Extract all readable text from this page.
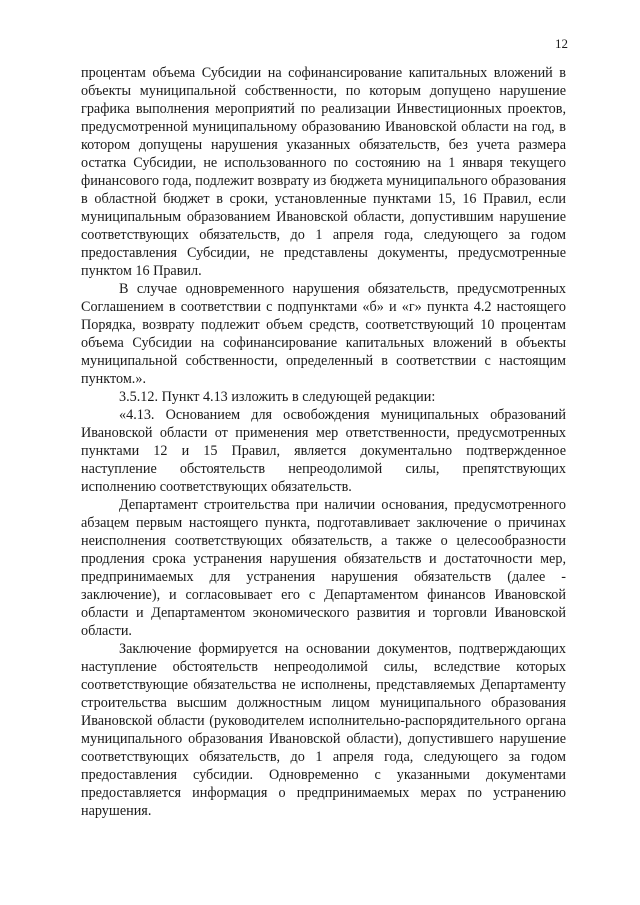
12

процентам объема Субсидии на софинансирование капитальных вложений в объекты муниципальной собственности, по которым допущено нарушение графика выполнения мероприятий по реализации Инвестиционных проектов, предусмотренной муниципальному образованию Ивановской области на год, в котором допущены нарушения указанных обязательств, без учета размера остатка Субсидии, не использованного по состоянию на 1 января текущего финансового года, подлежит возврату из бюджета муниципального образования в областной бюджет в сроки, установленные пунктами 15, 16 Правил, если муниципальным образованием Ивановской области, допустившим нарушение соответствующих обязательств, до 1 апреля года, следующего за годом предоставления Субсидии, не представлены документы, предусмотренные пунктом 16 Правил.

В случае одновременного нарушения обязательств, предусмотренных Соглашением в соответствии с подпунктами «б» и «г» пункта 4.2 настоящего Порядка, возврату подлежит объем средств, соответствующий 10 процентам объема Субсидии на софинансирование капитальных вложений в объекты муниципальной собственности, определенный в соответствии с настоящим пунктом.».

3.5.12. Пункт 4.13 изложить в следующей редакции:

«4.13. Основанием для освобождения муниципальных образований Ивановской области от применения мер ответственности, предусмотренных пунктами 12 и 15 Правил, является документально подтвержденное наступление обстоятельств непреодолимой силы, препятствующих исполнению соответствующих обязательств.

Департамент строительства при наличии основания, предусмотренного абзацем первым настоящего пункта, подготавливает заключение о причинах неисполнения соответствующих обязательств, а также о целесообразности продления срока устранения нарушения обязательств и достаточности мер, предпринимаемых для устранения нарушения обязательств (далее - заключение), и согласовывает его с Департаментом финансов Ивановской области и Департаментом экономического развития и торговли Ивановской области.

Заключение формируется на основании документов, подтверждающих наступление обстоятельств непреодолимой силы, вследствие которых соответствующие обязательства не исполнены, представляемых Департаменту строительства высшим должностным лицом муниципального образования Ивановской области (руководителем исполнительно-распорядительного органа муниципального образования Ивановской области), допустившего нарушение соответствующих обязательств, до 1 апреля года, следующего за годом предоставления субсидии. Одновременно с указанными документами предоставляется информация о предпринимаемых мерах по устранению нарушения.
